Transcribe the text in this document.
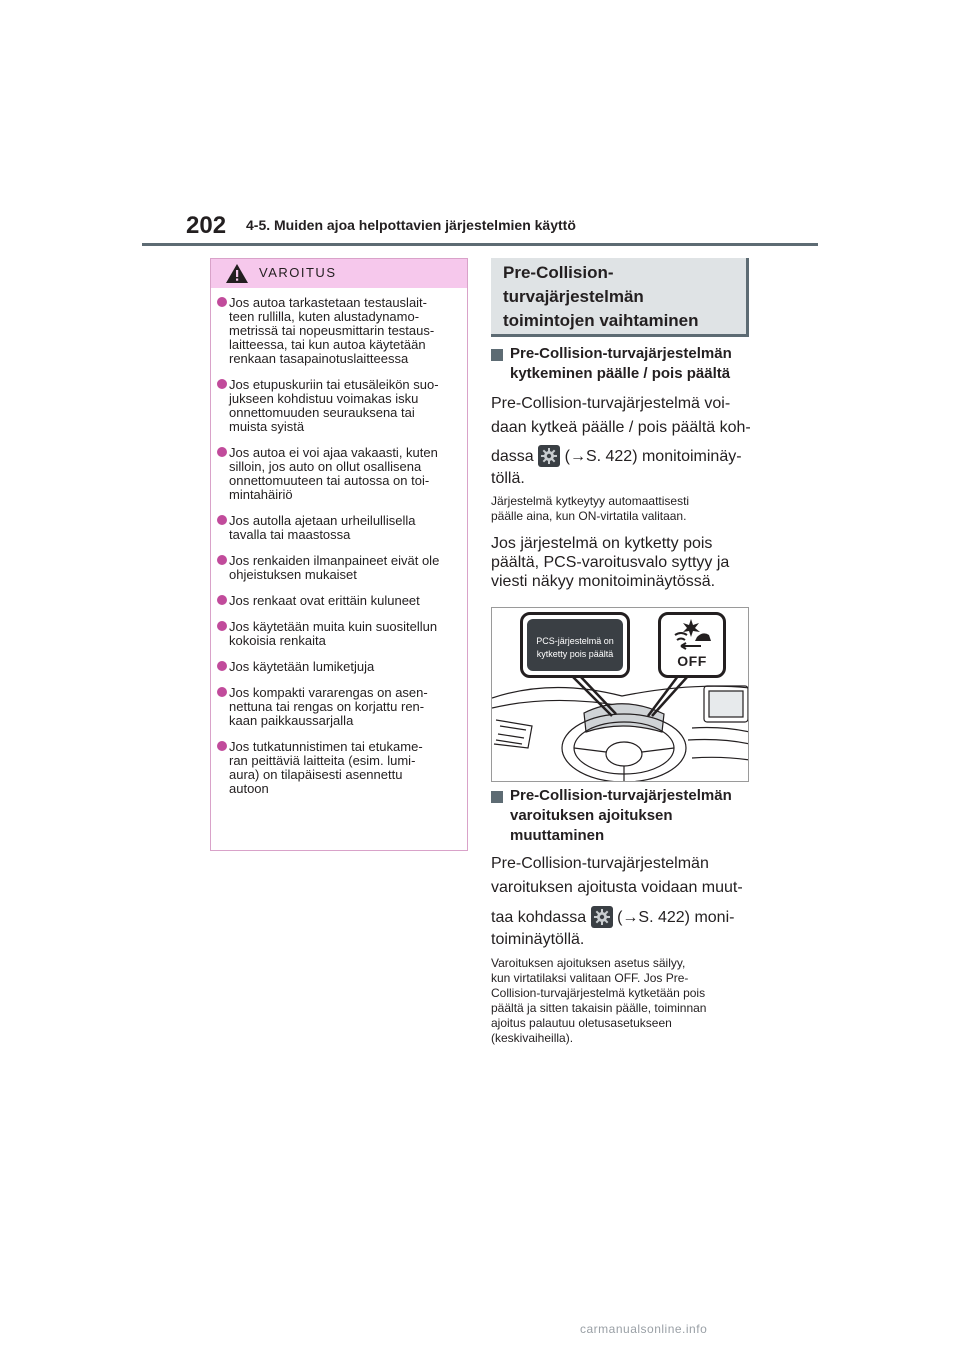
202 4-5. Muiden ajoa helpottavien järjestelmien käyttö
VAROITUS
Jos autoa tarkastetaan testauslait-
teen rullilla, kuten alustadynamo-
metrissä tai nopeusmittarin testaus-
laitteessa, tai kun autoa käytetään
renkaan tasapainotuslaitteessa
Jos etupuskuriin tai etusäleikön suo-
jukseen kohdistuu voimakas isku
onnettomuuden seurauksena tai
muista syistä
Jos autoa ei voi ajaa vakaasti, kuten
silloin, jos auto on ollut osallisena
onnettomuuteen tai autossa on toi-
mintahäiriö
Jos autolla ajetaan urheilullisella
tavalla tai maastossa
Jos renkaiden ilmanpaineet eivät ole
ohjeistuksen mukaiset
Jos renkaat ovat erittäin kuluneet
Jos käytetään muita kuin suositellun
kokoisia renkaita
Jos käytetään lumiketjuja
Jos kompakti vararengas on asen-
nettuna tai rengas on korjattu ren-
kaan paikkaussarjalla
Jos tutkatunnistimen tai etukame-
ran peittäviä laitteita (esim. lumi-
aura) on tilapäisesti asennettu
autoon
Pre-Collision-
turvajärjestelmän
toimintojen vaihtaminen
Pre-Collision-turvajärjestelmän
kytkeminen päälle / pois päältä
Pre-Collision-turvajärjestelmä voi-
daan kytkeä päälle / pois päältä koh-
dassa (→S. 422) monitoiminäy-
töllä.
Järjestelmä kytkeytyy automaattisesti
päälle aina, kun ON-virtatila valitaan.
Jos järjestelmä on kytketty pois
päältä, PCS-varoitusvalo syttyy ja
viesti näkyy monitoiminäytössä.
PCS-järjestelmä on
kytketty pois päältä	OFF
Pre-Collision-turvajärjestelmän
varoituksen ajoituksen
muuttaminen
Pre-Collision-turvajärjestelmän
varoituksen ajoitusta voidaan muut-
taa kohdassa (→S. 422) moni-
toiminäytöllä.
Varoituksen ajoituksen asetus säilyy,
kun virtatilaksi valitaan OFF. Jos Pre-
Collision-turvajärjestelmä kytketään pois
päältä ja sitten takaisin päälle, toiminnan
ajoitus palautuu oletusasetukseen
(keskivaiheilla).
carmanualsonline.info
